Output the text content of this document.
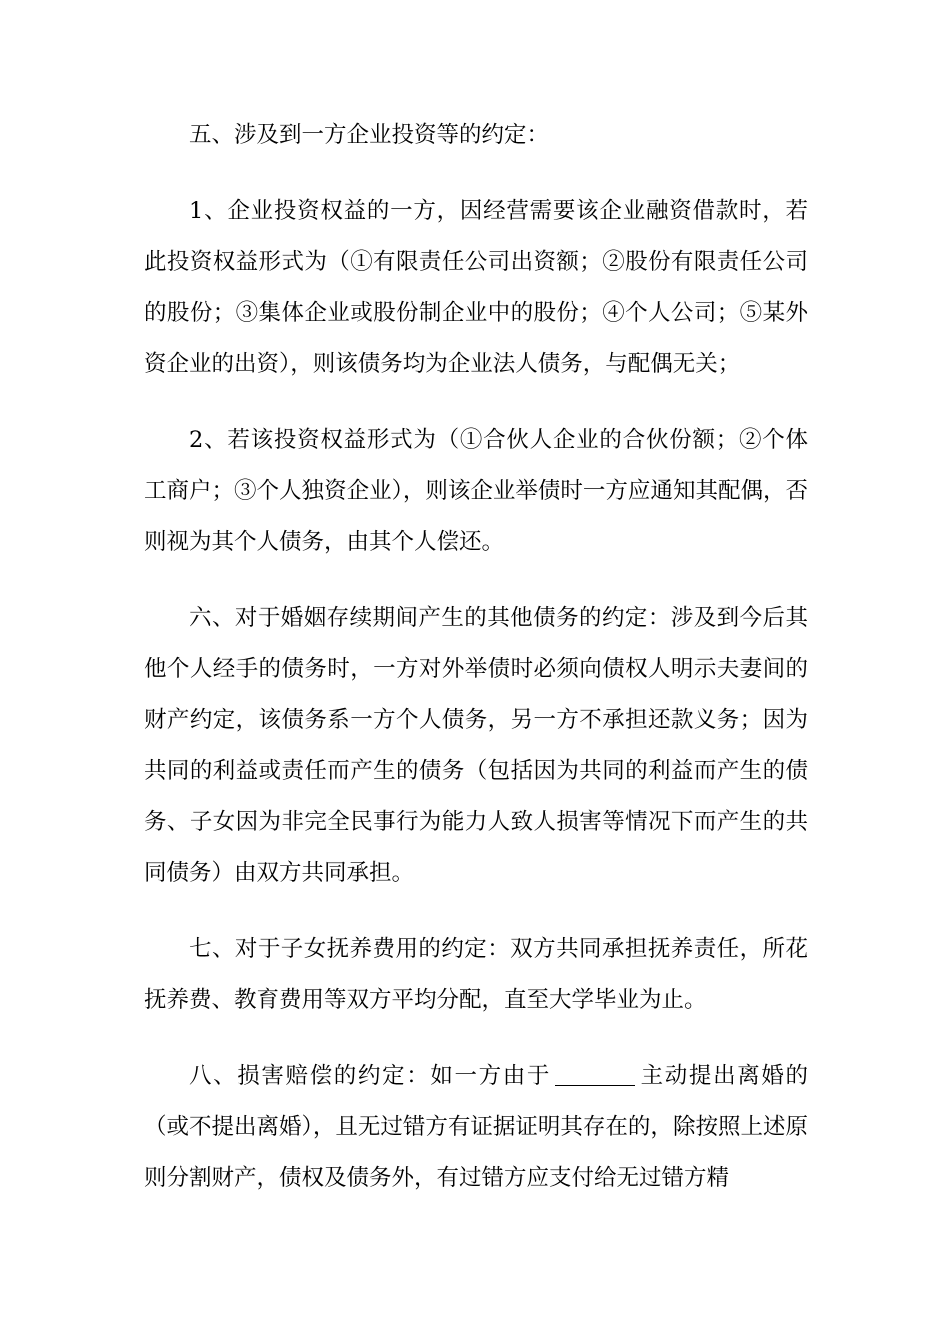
五、涉及到一方企业投资等的约定：

1、企业投资权益的一方，因经营需要该企业融资借款时，若此投资权益形式为（①有限责任公司出资额；②股份有限责任公司的股份；③集体企业或股份制企业中的股份；④个人公司；⑤某外资企业的出资），则该债务均为企业法人债务，与配偶无关；

2、若该投资权益形式为（①合伙人企业的合伙份额；②个体工商户；③个人独资企业），则该企业举债时一方应通知其配偶，否则视为其个人债务，由其个人偿还。

六、对于婚姻存续期间产生的其他债务的约定：涉及到今后其他个人经手的债务时，一方对外举债时必须向债权人明示夫妻间的财产约定，该债务系一方个人债务，另一方不承担还款义务；因为共同的利益或责任而产生的债务（包括因为共同的利益而产生的债务、子女因为非完全民事行为能力人致人损害等情况下而产生的共同债务）由双方共同承担。

七、对于子女抚养费用的约定：双方共同承担抚养责任，所花抚养费、教育费用等双方平均分配，直至大学毕业为止。

八、损害赔偿的约定：如一方由于	主动提出离婚的（或不提出离婚），且无过错方有证据证明其存在的，除按照上述原则分割财产，债权及债务外，有过错方应支付给无过错方精
